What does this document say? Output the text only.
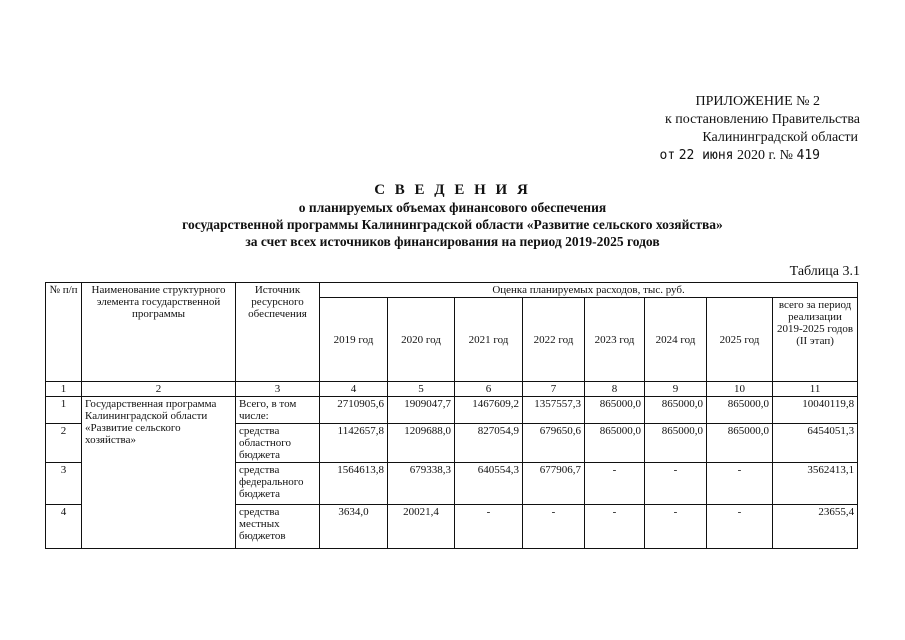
ПРИЛОЖЕНИЕ № 2
к постановлению Правительства
Калининградской области
от 22 июня 2020 г. № 419
С В Е Д Е Н И Я
о планируемых объемах финансового обеспечения
государственной программы Калининградской области «Развитие сельского хозяйства»
за счет всех источников финансирования на период 2019-2025 годов
Таблица 3.1
№ п/п	Наименование структурного элемента государственной программы	Источник ресурсного обеспечения	Оценка планируемых расходов, тыс. руб.							
			2019 год	2020 год	2021 год	2022 год	2023 год	2024 год	2025 год	всего за период реализации 2019-2025 годов (II этап)
1	2	3	4	5	6	7	8	9	10	11
1	Государственная программа Калининградской области «Развитие сельского хозяйства»	Всего, в том числе:	2710905,6	1909047,7	1467609,2	1357557,3	865000,0	865000,0	865000,0	10040119,8
2		средства областного бюджета	1142657,8	1209688,0	827054,9	679650,6	865000,0	865000,0	865000,0	6454051,3
3		средства федерального бюджета	1564613,8	679338,3	640554,3	677906,7	-	-	-	3562413,1
4		средства местных бюджетов	3634,0	20021,4	-	-	-	-	-	23655,4
